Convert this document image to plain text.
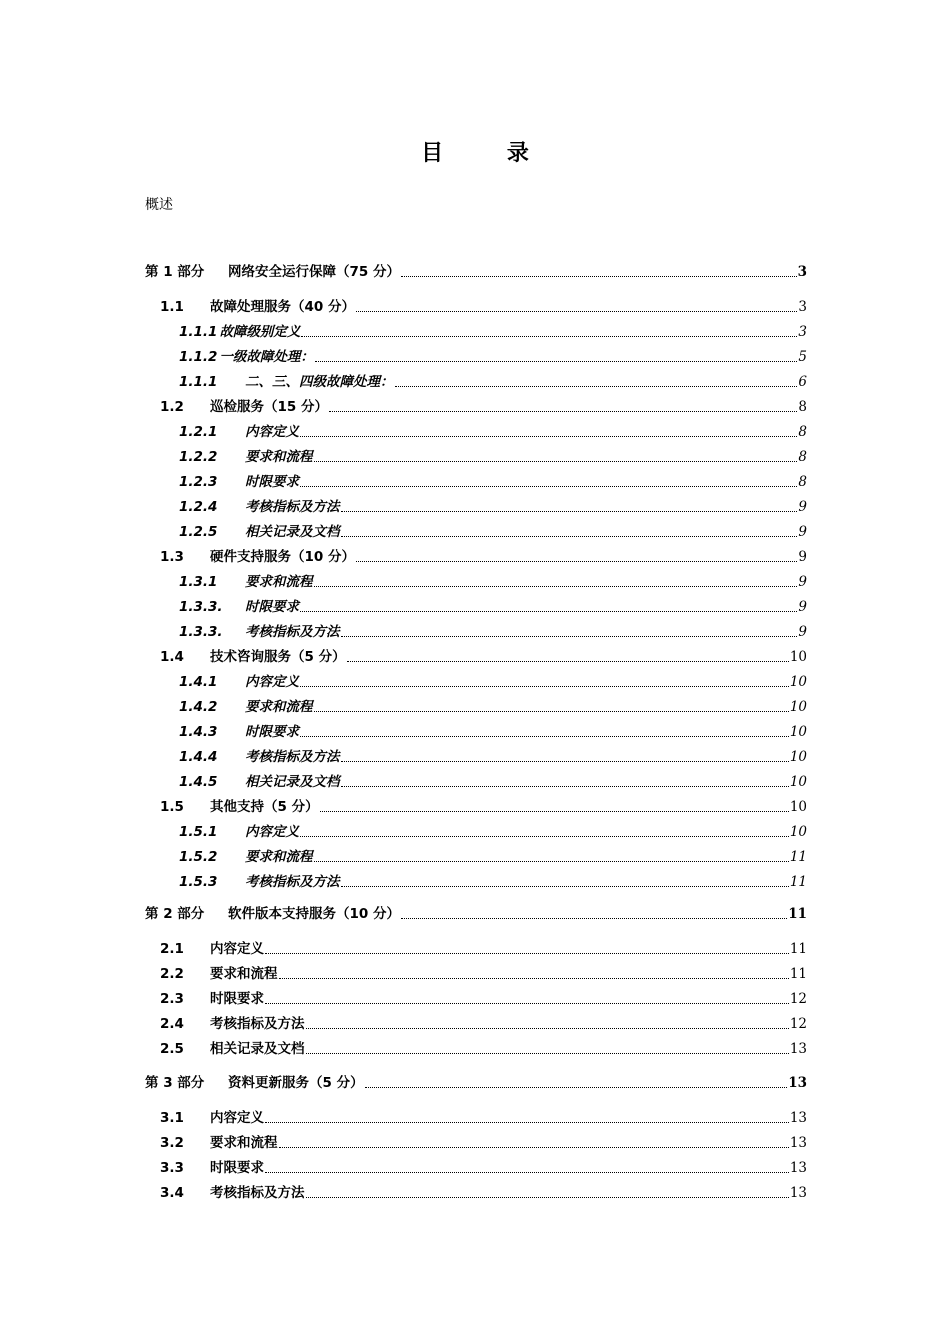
目 录
概述
第 1 部分	网络安全运行保障（75 分）	3
1.1	故障处理服务（40 分）	3
1.1.1 故障级别定义	3
1.1.2 一级故障处理：	5
1.1.1	二、三、四级故障处理：	6
1.2	巡检服务（15 分）	8
1.2.1	内容定义	8
1.2.2	要求和流程	8
1.2.3	时限要求	8
1.2.4	考核指标及方法	9
1.2.5	相关记录及文档	9
1.3	硬件支持服务（10 分）	9
1.3.1	要求和流程	9
1.3.3.	时限要求	9
1.3.3.	考核指标及方法	9
1.4	技术咨询服务（5 分）	10
1.4.1	内容定义	10
1.4.2	要求和流程	10
1.4.3	时限要求	10
1.4.4	考核指标及方法	10
1.4.5	相关记录及文档	10
1.5	其他支持（5 分）	10
1.5.1	内容定义	10
1.5.2	要求和流程	11
1.5.3	考核指标及方法	11
第 2 部分	软件版本支持服务（10 分）	11
2.1	内容定义	11
2.2	要求和流程	11
2.3	时限要求	12
2.4	考核指标及方法	12
2.5	相关记录及文档	13
第 3 部分	资料更新服务（5 分）	13
3.1	内容定义	13
3.2	要求和流程	13
3.3	时限要求	13
3.4	考核指标及方法	13
